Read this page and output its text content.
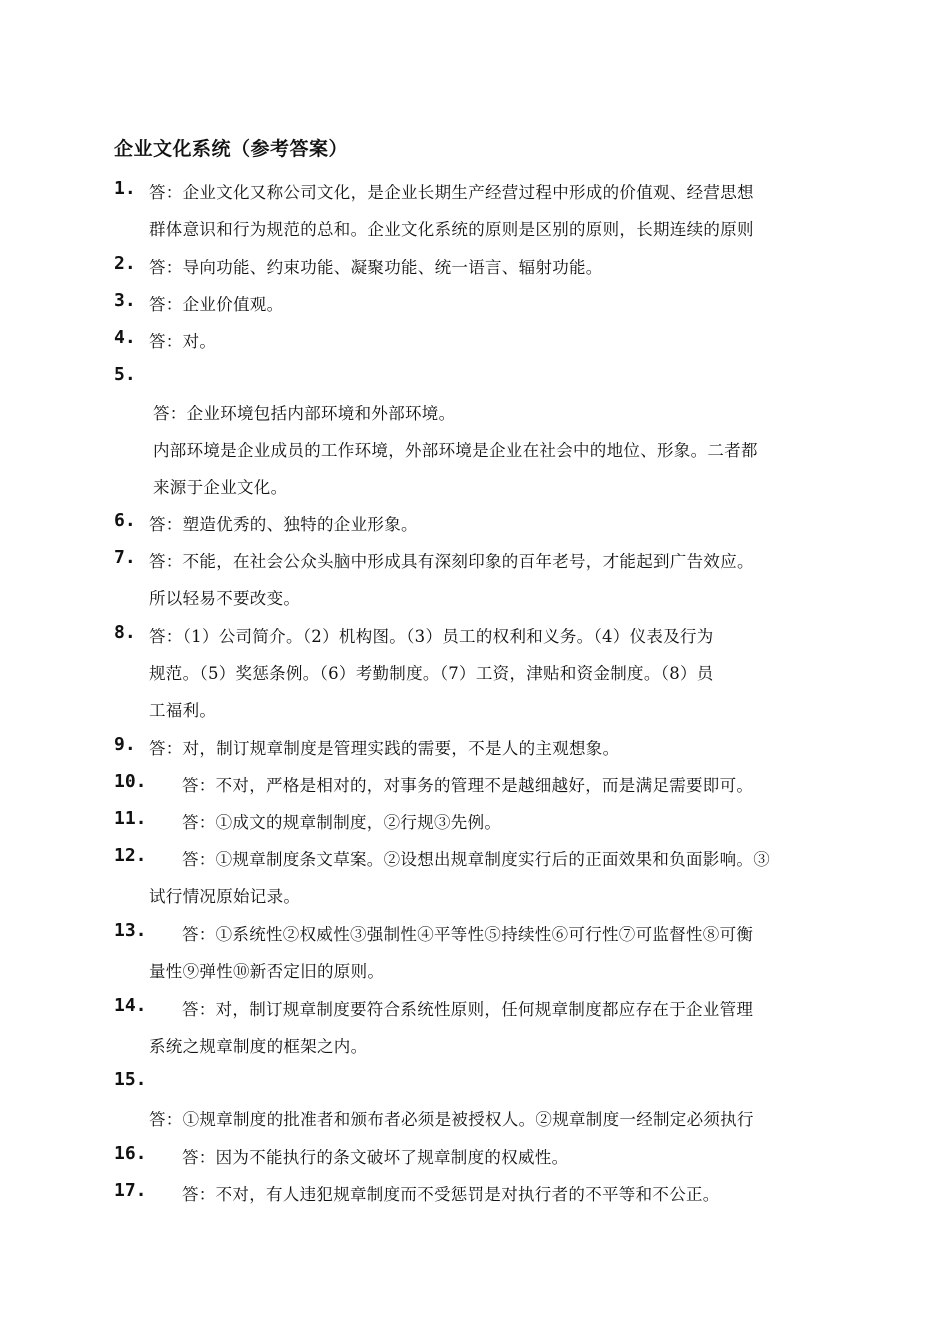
企业文化系统（参考答案）
1. 答：企业文化又称公司文化，是企业长期生产经营过程中形成的价值观、经营思想
群体意识和行为规范的总和。企业文化系统的原则是区别的原则，长期连续的原则
2. 答：导向功能、约束功能、凝聚功能、统一语言、辐射功能。
3. 答：企业价值观。
4. 答：对。
5.
答：企业环境包括内部环境和外部环境。
内部环境是企业成员的工作环境，外部环境是企业在社会中的地位、形象。二者都
来源于企业文化。
6. 答：塑造优秀的、独特的企业形象。
7. 答：不能，在社会公众头脑中形成具有深刻印象的百年老号，才能起到广告效应。
所以轻易不要改变。
8. 答：（1）公司简介。（2）机构图。（3）员工的权利和义务。（4）仪表及行为
规范。（5）奖惩条例。（6）考勤制度。（7）工资，津贴和资金制度。（8）员
工福利。
9. 答：对，制订规章制度是管理实践的需要，不是人的主观想象。
10. 答：不对，严格是相对的，对事务的管理不是越细越好，而是满足需要即可。
11. 答：①成文的规章制制度，②行规③先例。
12. 答：①规章制度条文草案。②设想出规章制度实行后的正面效果和负面影响。③
试行情况原始记录。
13. 答：①系统性②权威性③强制性④平等性⑤持续性⑥可行性⑦可监督性⑧可衡
量性⑨弹性⑩新否定旧的原则。
14. 答：对，制订规章制度要符合系统性原则，任何规章制度都应存在于企业管理
系统之规章制度的框架之内。
15.
答：①规章制度的批准者和颁布者必须是被授权人。②规章制度一经制定必须执行
16. 答：因为不能执行的条文破坏了规章制度的权威性。
17. 答：不对，有人违犯规章制度而不受惩罚是对执行者的不平等和不公正。
